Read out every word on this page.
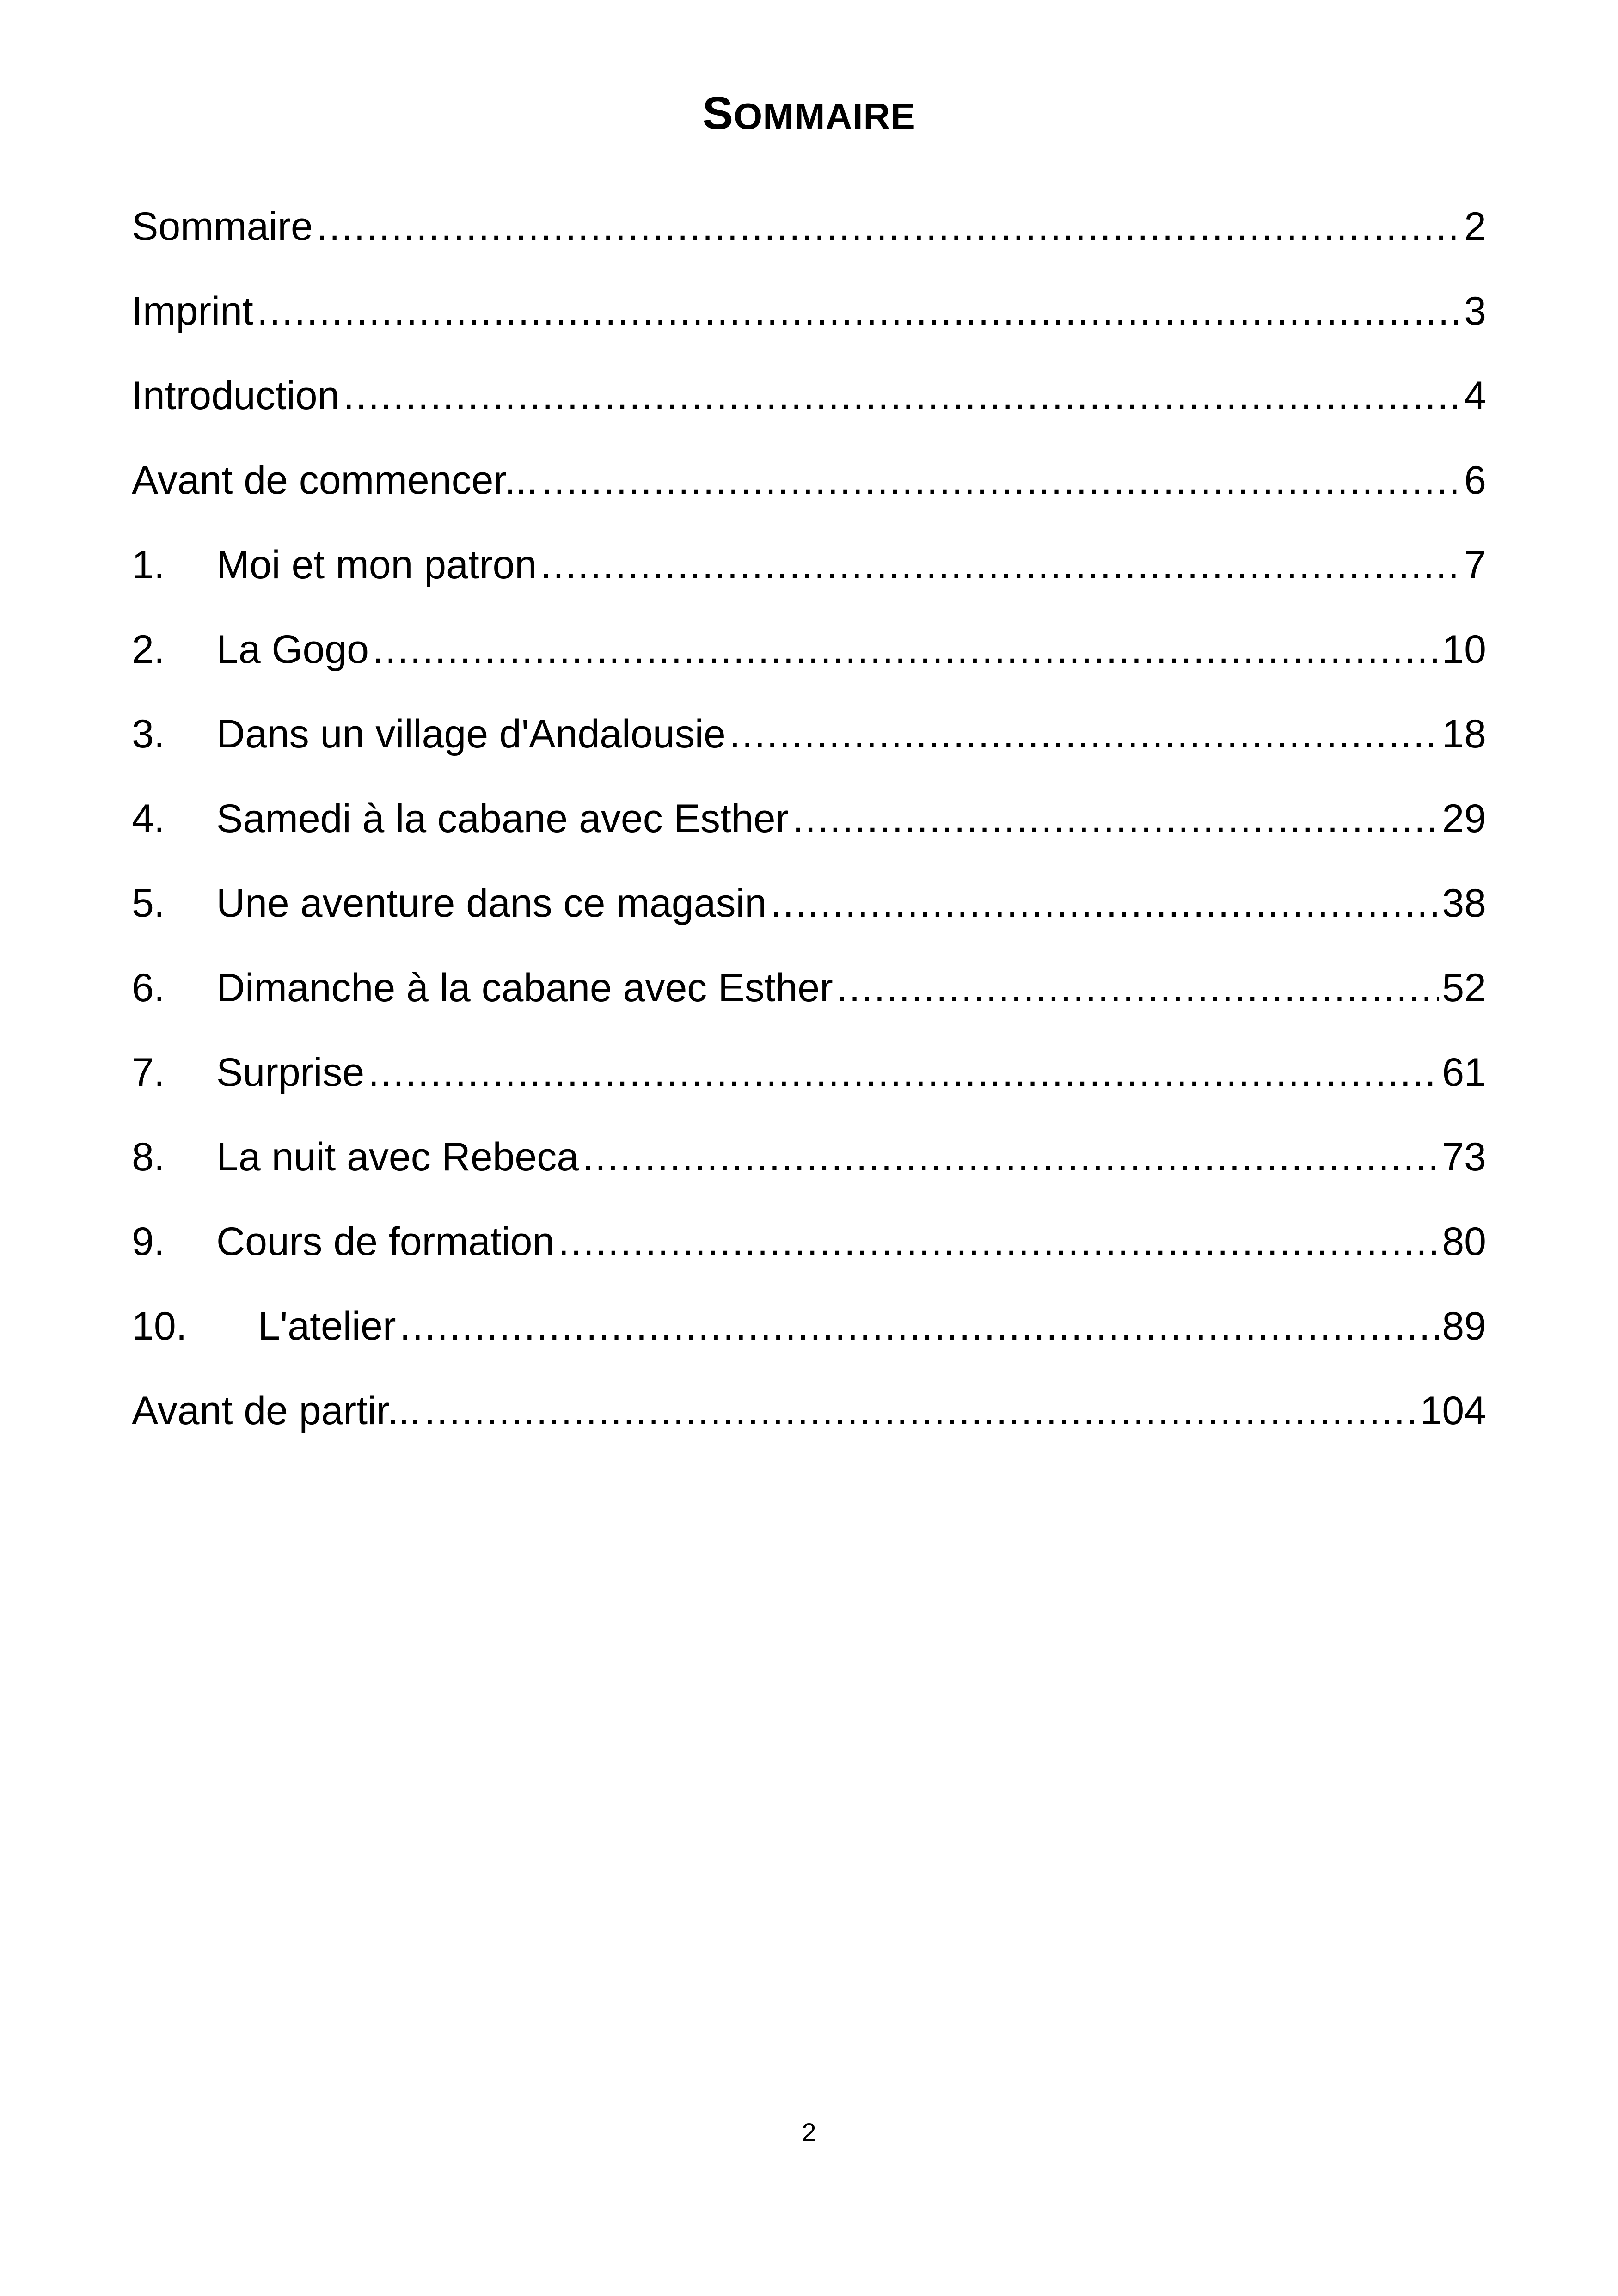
SOMMAIRE
Sommaire .....	2
Imprint .....	3
Introduction .....	4
Avant de commencer... .....	6
1.	Moi et mon patron .....	7
2.	La Gogo .....	10
3.	Dans un village d'Andalousie .....	18
4.	Samedi à la cabane avec Esther .....	29
5.	Une aventure dans ce magasin .....	38
6.	Dimanche à la cabane avec Esther .....	52
7.	Surprise .....	61
8.	La nuit avec Rebeca .....	73
9.	Cours de formation .....	80
10.	L'atelier .....	89
Avant de partir... .....	104
2
